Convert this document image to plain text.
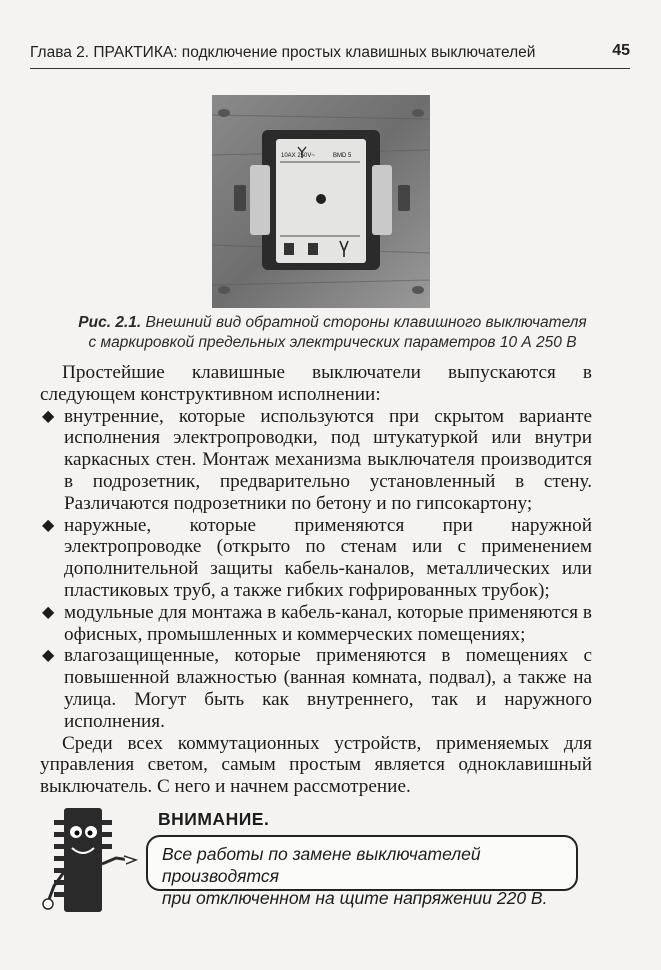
Глава 2. ПРАКТИКА: подключение простых клавишных выключателей	45
10АХ 250V~	BMD 5
Рис. 2.1. Внешний вид обратной стороны клавишного выключателя
с маркировкой предельных электрических параметров 10 А 250 В

Простейшие клавишные выключатели выпускаются в следующем конструктивном исполнении:

◆ внутренние, которые используются при скрытом варианте исполнения электропроводки, под штукатуркой или внутри каркасных стен. Монтаж механизма выключателя производится в подрозетник, предварительно установленный в стену. Различаются подрозетники по бетону и по гипсокартону;
◆ наружные, которые применяются при наружной электропроводке (открыто по стенам или с применением дополнительной защиты кабель-каналов, металлических или пластиковых труб, а также гибких гофрированных трубок);
◆ модульные для монтажа в кабель-канал, которые применяются в офисных, промышленных и коммерческих помещениях;
◆ влагозащищенные, которые применяются в помещениях с повышенной влажностью (ванная комната, подвал), а также на улица. Могут быть как внутреннего, так и наружного исполнения.

Среди всех коммутационных устройств, применяемых для управления светом, самым простым является одноклавишный выключатель. С него и начнем рассмотрение.

ВНИМАНИЕ.
Все работы по замене выключателей производятся
при отключенном на щите напряжении 220 В.
